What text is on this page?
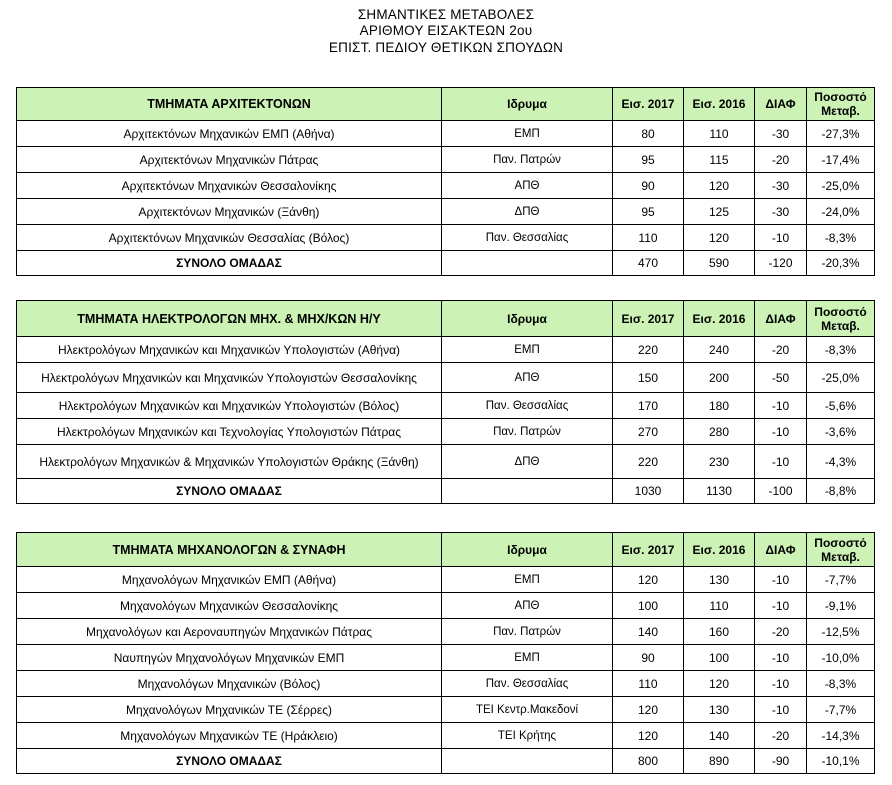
ΣΗΜΑΝΤΙΚΕΣ ΜΕΤΑΒΟΛΕΣ
ΑΡΙΘΜΟΥ ΕΙΣΑΚΤΕΩΝ 2ου
ΕΠΙΣΤ. ΠΕΔΙΟΥ ΘΕΤΙΚΩΝ ΣΠΟΥΔΩΝ
ΤΜΗΜΑΤΑ ΑΡΧΙΤΕΚΤΟΝΩΝ	Ιδρυμα	Εισ. 2017	Εισ. 2016	ΔΙΑΦ	Ποσοστό Μεταβ.
Αρχιτεκτόνων Μηχανικών ΕΜΠ (Αθήνα)	ΕΜΠ	80	110	-30	-27,3%
Αρχιτεκτόνων Μηχανικών Πάτρας	Παν. Πατρών	95	115	-20	-17,4%
Αρχιτεκτόνων Μηχανικών Θεσσαλονίκης	ΑΠΘ	90	120	-30	-25,0%
Αρχιτεκτόνων Μηχανικών (Ξάνθη)	ΔΠΘ	95	125	-30	-24,0%
Αρχιτεκτόνων Μηχανικών Θεσσαλίας (Βόλος)	Παν. Θεσσαλίας	110	120	-10	-8,3%
ΣΥΝΟΛΟ ΟΜΑΔΑΣ		470	590	-120	-20,3%
ΤΜΗΜΑΤΑ ΗΛΕΚΤΡΟΛΟΓΩΝ ΜΗΧ. & ΜΗΧ/ΚΩΝ Η/Υ	Ιδρυμα	Εισ. 2017	Εισ. 2016	ΔΙΑΦ	Ποσοστό Μεταβ.
Ηλεκτρολόγων Μηχανικών και Μηχανικών Υπολογιστών (Αθήνα)	ΕΜΠ	220	240	-20	-8,3%
Ηλεκτρολόγων Μηχανικών και Μηχανικών Υπολογιστών Θεσσαλονίκης	ΑΠΘ	150	200	-50	-25,0%
Ηλεκτρολόγων Μηχανικών και Μηχανικών Υπολογιστών (Βόλος)	Παν. Θεσσαλίας	170	180	-10	-5,6%
Ηλεκτρολόγων Μηχανικών και Τεχνολογίας Υπολογιστών Πάτρας	Παν. Πατρών	270	280	-10	-3,6%
Ηλεκτρολόγων Μηχανικών & Μηχανικών Υπολογιστών Θράκης (Ξάνθη)	ΔΠΘ	220	230	-10	-4,3%
ΣΥΝΟΛΟ ΟΜΑΔΑΣ		1030	1130	-100	-8,8%
ΤΜΗΜΑΤΑ ΜΗΧΑΝΟΛΟΓΩΝ & ΣΥΝΑΦΗ	Ιδρυμα	Εισ. 2017	Εισ. 2016	ΔΙΑΦ	Ποσοστό Μεταβ.
Μηχανολόγων Μηχανικών ΕΜΠ (Αθήνα)	ΕΜΠ	120	130	-10	-7,7%
Μηχανολόγων Μηχανικών Θεσσαλονίκης	ΑΠΘ	100	110	-10	-9,1%
Μηχανολόγων και Αεροναυπηγών Μηχανικών Πάτρας	Παν. Πατρών	140	160	-20	-12,5%
Ναυπηγών Μηχανολόγων Μηχανικών ΕΜΠ	ΕΜΠ	90	100	-10	-10,0%
Μηχανολόγων Μηχανικών (Βόλος)	Παν. Θεσσαλίας	110	120	-10	-8,3%
Μηχανολόγων Μηχανικών ΤΕ (Σέρρες)	ΤΕΙ Κεντρ.Μακεδονί	120	130	-10	-7,7%
Μηχανολόγων Μηχανικών ΤΕ (Ηράκλειο)	ΤΕΙ Κρήτης	120	140	-20	-14,3%
ΣΥΝΟΛΟ ΟΜΑΔΑΣ		800	890	-90	-10,1%
